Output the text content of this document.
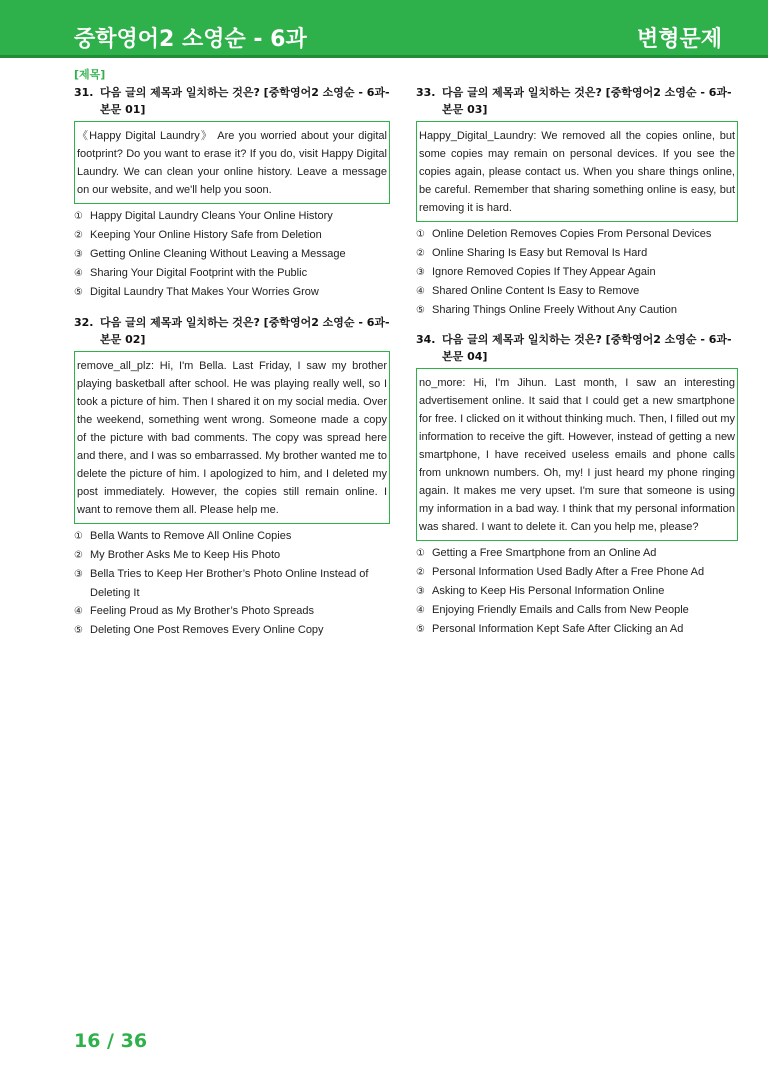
중학영어2 소영순 - 6과	변형문제
[제목]
31. 다음 글의 제목과 일치하는 것은? [중학영어2 소영순 - 6과-
본문 01]
《Happy Digital Laundry》 Are you worried about your digital footprint? Do you want to erase it? If you do, visit Happy Digital Laundry. We can clean your online history. Leave a message on our website, and we'll help you soon.
① Happy Digital Laundry Cleans Your Online History
② Keeping Your Online History Safe from Deletion
③ Getting Online Cleaning Without Leaving a Message
④ Sharing Your Digital Footprint with the Public
⑤ Digital Laundry That Makes Your Worries Grow
32. 다음 글의 제목과 일치하는 것은? [중학영어2 소영순 - 6과-
본문 02]
remove_all_plz: Hi, I'm Bella. Last Friday, I saw my brother playing basketball after school. He was playing really well, so I took a picture of him. Then I shared it on my social media. Over the weekend, something went wrong. Someone made a copy of the picture with bad comments. The copy was spread here and there, and I was so embarrassed. My brother wanted me to delete the picture of him. I apologized to him, and I deleted my post immediately. However, the copies still remain online. I want to remove them all. Please help me.
① Bella Wants to Remove All Online Copies
② My Brother Asks Me to Keep His Photo
③ Bella Tries to Keep Her Brother’s Photo Online Instead of Deleting It
④ Feeling Proud as My Brother’s Photo Spreads
⑤ Deleting One Post Removes Every Online Copy
33. 다음 글의 제목과 일치하는 것은? [중학영어2 소영순 - 6과-
본문 03]
Happy_Digital_Laundry: We removed all the copies online, but some copies may remain on personal devices. If you see the copies again, please contact us. When you share things online, be careful. Remember that sharing something online is easy, but removing it is hard.
① Online Deletion Removes Copies From Personal Devices
② Online Sharing Is Easy but Removal Is Hard
③ Ignore Removed Copies If They Appear Again
④ Shared Online Content Is Easy to Remove
⑤ Sharing Things Online Freely Without Any Caution
34. 다음 글의 제목과 일치하는 것은? [중학영어2 소영순 - 6과-
본문 04]
no_more: Hi, I'm Jihun. Last month, I saw an interesting advertisement online. It said that I could get a new smartphone for free. I clicked on it without thinking much. Then, I filled out my information to receive the gift. However, instead of getting a new smartphone, I have received useless emails and phone calls from unknown numbers. Oh, my! I just heard my phone ringing again. It makes me very upset. I'm sure that someone is using my information in a bad way. I think that my personal information was shared. I want to delete it. Can you help me, please?
① Getting a Free Smartphone from an Online Ad
② Personal Information Used Badly After a Free Phone Ad
③ Asking to Keep His Personal Information Online
④ Enjoying Friendly Emails and Calls from New People
⑤ Personal Information Kept Safe After Clicking an Ad
16 / 36
